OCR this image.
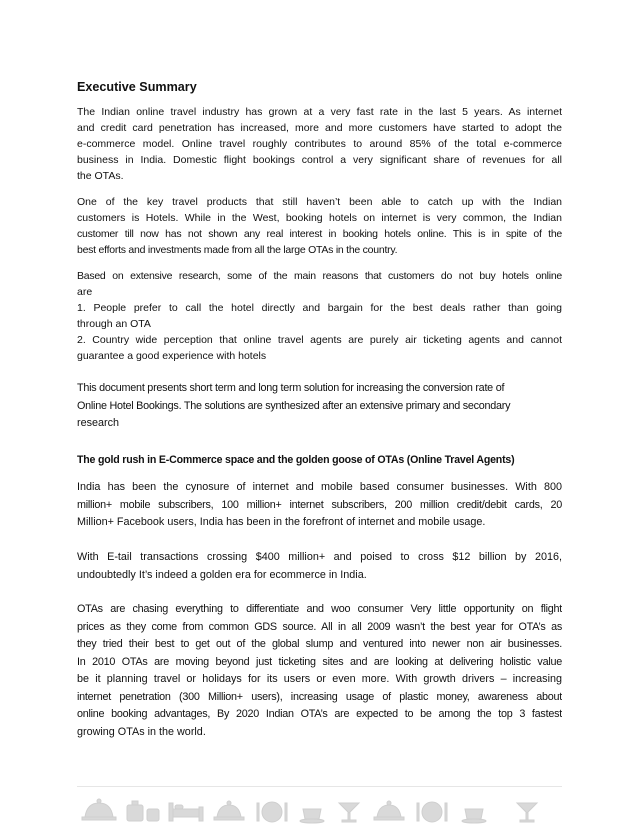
Executive Summary
The Indian online travel industry has grown at a very fast rate in the last 5 years. As internet
and credit card penetration has increased, more and more customers have started to adopt the
e-commerce model. Online travel roughly contributes to around 85% of the total e-commerce
business in India. Domestic flight bookings control a very significant share of revenues for all
the OTAs.
One of the key travel products that still haven’t been able to catch up with the Indian
customers is Hotels. While in the West, booking hotels on internet is very common, the Indian
customer till now has not shown any real interest in booking hotels online. This is in spite of the
best efforts and investments made from all the large OTAs in the country.
Based on extensive research, some of the main reasons that customers do not buy hotels online
are
1. People prefer to call the hotel directly and bargain for the best deals rather than going
through an OTA
2. Country wide perception that online travel agents are purely air ticketing agents and cannot
guarantee a good experience with hotels
This document presents short term and long term solution for increasing the conversion rate of
Online Hotel Bookings. The solutions are synthesized after an extensive primary and secondary
research
The gold rush in E-Commerce space and the golden goose of OTAs (Online Travel Agents)
India has been the cynosure of internet and mobile based consumer businesses. With 800
million+ mobile subscribers, 100 million+ internet subscribers, 200 million credit/debit cards, 20
Million+ Facebook users, India has been in the forefront of internet and mobile usage.
With E-tail transactions crossing $400 million+ and poised to cross $12 billion by 2016,
undoubtedly It’s indeed a golden era for ecommerce in India.
OTAs are chasing everything to differentiate and woo consumer Very little opportunity on flight
prices as they come from common GDS source. All in all 2009 wasn’t the best year for OTA’s as
they tried their best to get out of the global slump and ventured into newer non air businesses.
In 2010 OTAs are moving beyond just ticketing sites and are looking at delivering holistic value
be it planning travel or holidays for its users or even more. With growth drivers – increasing
internet penetration (300 Million+ users), increasing usage of plastic money, awareness about
online booking advantages, By 2020 Indian OTA’s are expected to be among the top 3 fastest
growing OTAs in the world.
